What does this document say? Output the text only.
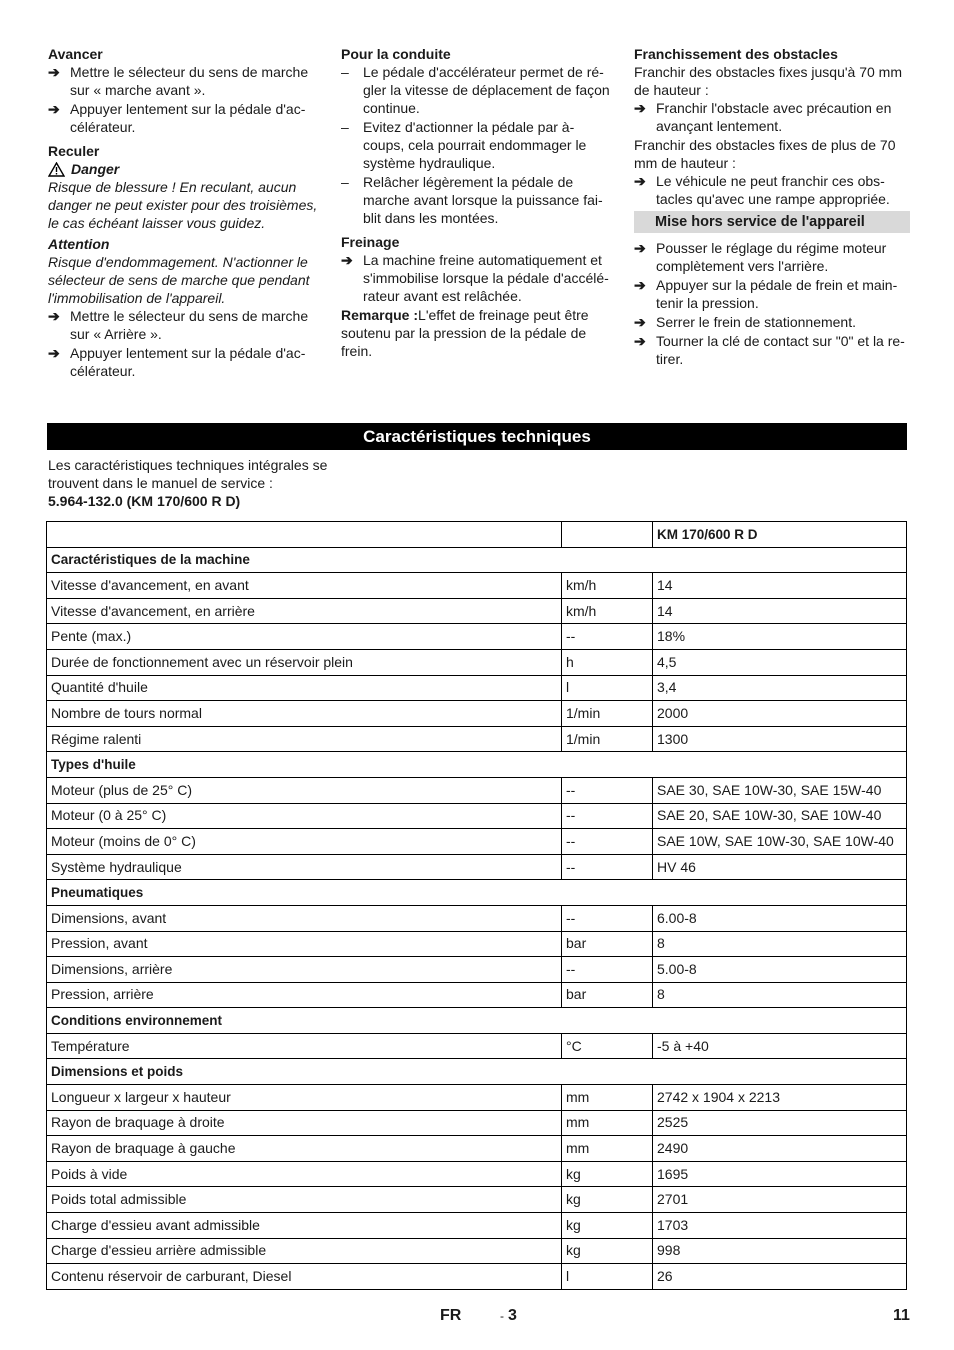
Avancer

➔ Mettre le sélecteur du sens de marche sur « marche avant ».
➔ Appuyer lentement sur la pédale d'ac- célérateur.

Reculer

Danger

Risque de blessure ! En reculant, aucun danger ne peut exister pour des troisièmes, le cas échéant laisser vous guidez.

Attention

Risque d'endommagement. N'actionner le sélecteur de sens de marche que pendant l'immobilisation de l'appareil.

➔ Mettre le sélecteur du sens de marche sur « Arrière ».
➔ Appuyer lentement sur la pédale d'ac- célérateur.

Pour la conduite

–	Le pédale d'accélérateur permet de ré- gler la vitesse de déplacement de façon continue.
–	Evitez d'actionner la pédale par à- coups, cela pourrait endommager le système hydraulique.
–	Relâcher légèrement la pédale de marche avant lorsque la puissance fai- blit dans les montées.

Freinage

➔ La machine freine automatiquement et s'immobilise lorsque la pédale d'accélé- rateur avant est relâchée.

Remarque :L'effet de freinage peut être soutenu par la pression de la pédale de frein.

Franchissement des obstacles

Franchir des obstacles fixes jusqu'à 70 mm de hauteur :

➔ Franchir l'obstacle avec précaution en avançant lentement.

Franchir des obstacles fixes de plus de 70 mm de hauteur :

➔ Le véhicule ne peut franchir ces obs- tacles qu'avec une rampe appropriée.
Mise hors service de l'appareil
➔ Pousser le réglage du régime moteur complètement vers l'arrière.
➔ Appuyer sur la pédale de frein et main- tenir la pression.
➔ Serrer le frein de stationnement.
➔ Tourner la clé de contact sur "0" et la re- tirer.
Caractéristiques techniques

Les caractéristiques techniques intégrales se trouvent dans le manuel de service :

5.964-132.0 (KM 170/600 R D)

		KM 170/600 R D
Caractéristiques de la machine		
Vitesse d'avancement, en avant	km/h	14
Vitesse d'avancement, en arrière	km/h	14
Pente (max.)	--	18%
Durée de fonctionnement avec un réservoir plein	h	4,5
Quantité d'huile	l	3,4
Nombre de tours normal	1/min	2000
Régime ralenti	1/min	1300
Types d'huile		
Moteur (plus de 25° C)	--	SAE 30, SAE 10W-30, SAE 15W-40
Moteur (0 à 25° C)	--	SAE 20, SAE 10W-30, SAE 10W-40
Moteur (moins de 0° C)	--	SAE 10W, SAE 10W-30, SAE 10W-40
Système hydraulique	--	HV 46
Pneumatiques		
Dimensions, avant	--	6.00-8
Pression, avant	bar	8
Dimensions, arrière	--	5.00-8
Pression, arrière	bar	8
Conditions environnement		
Température	°C	-5 à +40
Dimensions et poids		
Longueur x largeur x hauteur	mm	2742 x 1904 x 2213
Rayon de braquage à droite	mm	2525
Rayon de braquage à gauche	mm	2490
Poids à vide	kg	1695
Poids total admissible	kg	2701
Charge d'essieu avant admissible	kg	1703
Charge d'essieu arrière admissible	kg	998
Contenu réservoir de carburant, Diesel	l	26
FR	- 3	11
